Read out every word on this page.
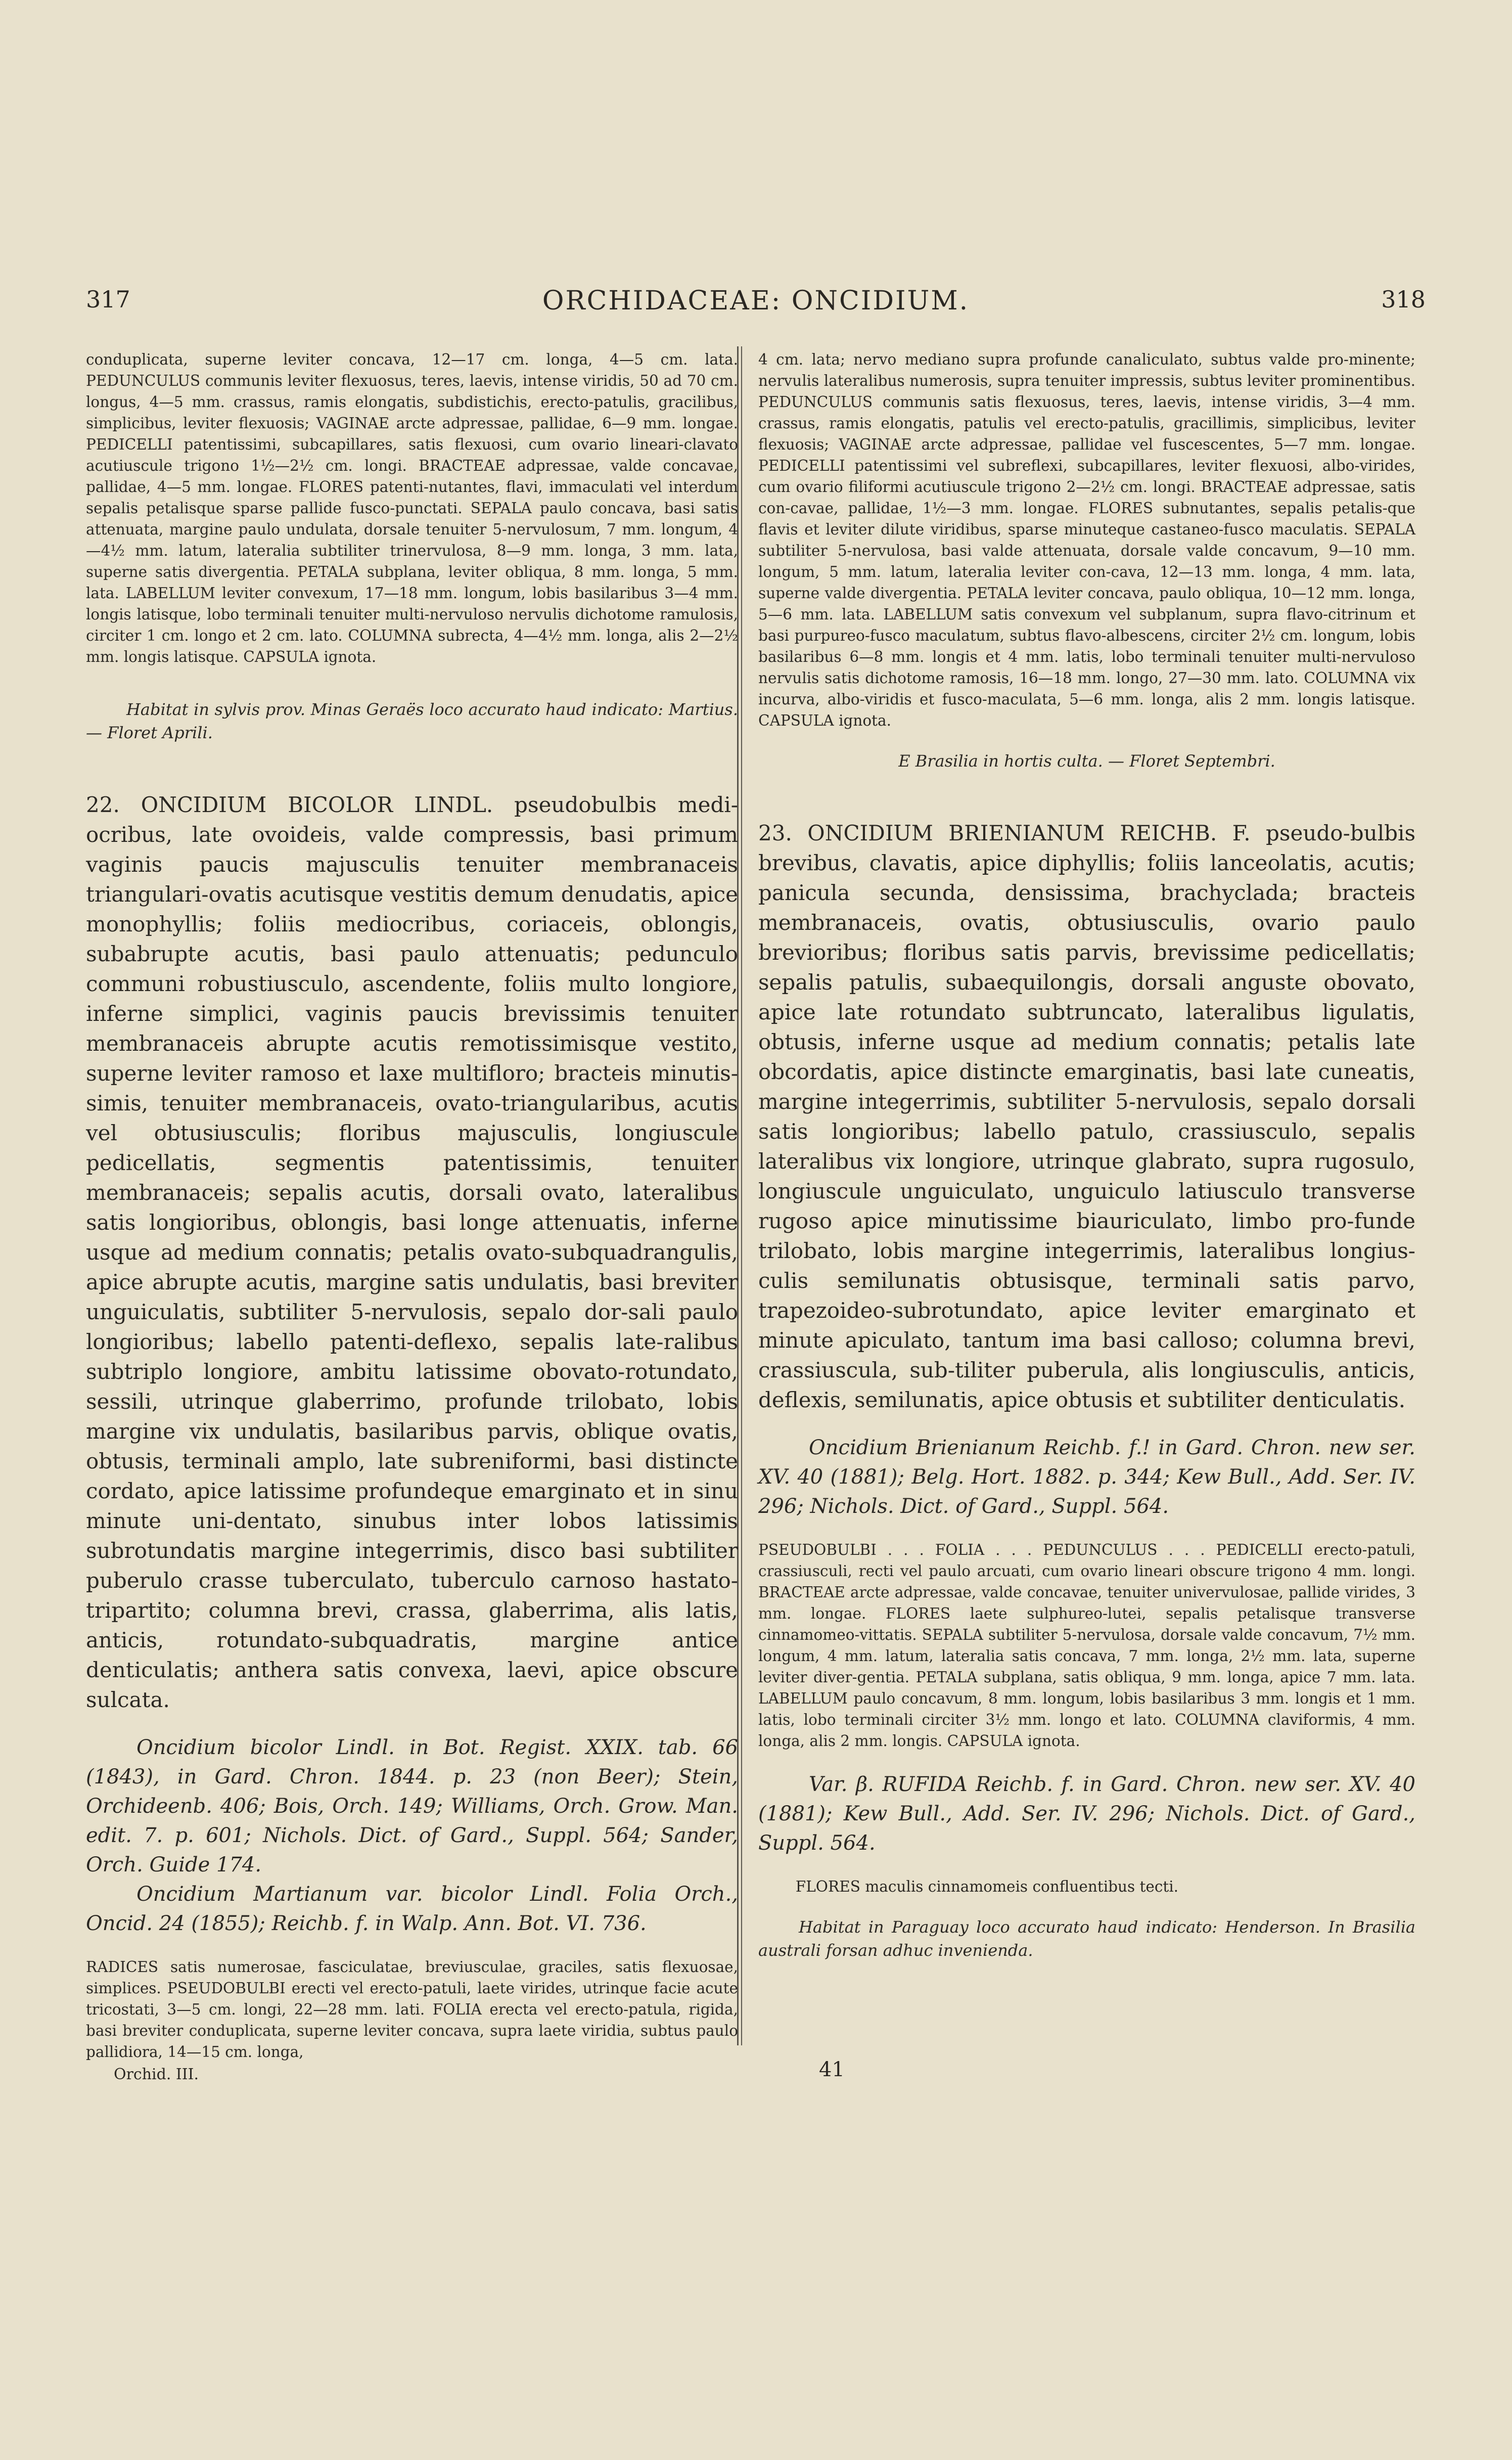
317	ORCHIDACEAE: ONCIDIUM.	318

conduplicata, superne leviter concava, 12—17 cm. longa, 4—5 cm. lata. PEDUNCULUS communis leviter flexuosus, teres, laevis, intense viridis, 50 ad 70 cm. longus, 4—5 mm. crassus, ramis elongatis, subdistichis, erecto-patulis, gracilibus, simplicibus, leviter flexuosis; VAGINAE arcte adpressae, pallidae, 6—9 mm. longae. PEDICELLI patentissimi, subcapillares, satis flexuosi, cum ovario lineari-clavato acutiuscule trigono 1½—2½ cm. longi. BRACTEAE adpressae, valde concavae, pallidae, 4—5 mm. longae. FLORES patenti-nutantes, flavi, immaculati vel interdum sepalis petalisque sparse pallide fusco-punctati. SEPALA paulo concava, basi satis attenuata, margine paulo undulata, dorsale tenuiter 5-nervulosum, 7 mm. longum, 4—4½ mm. latum, lateralia subtiliter trinervulosa, 8—9 mm. longa, 3 mm. lata, superne satis divergentia. PETALA subplana, leviter obliqua, 8 mm. longa, 5 mm. lata. LABELLUM leviter convexum, 17—18 mm. longum, lobis basilaribus 3—4 mm. longis latisque, lobo terminali tenuiter multi-nervuloso nervulis dichotome ramulosis, circiter 1 cm. longo et 2 cm. lato. COLUMNA subrecta, 4—4½ mm. longa, alis 2—2½ mm. longis latisque. CAPSULA ignota.

Habitat in sylvis prov. Minas Geraës loco accurato haud indicato: Martius. — Floret Aprili.

22. ONCIDIUM BICOLOR LINDL. pseudobulbis medi-ocribus, late ovoideis, valde compressis, basi primum vaginis paucis majusculis tenuiter membranaceis triangulari-ovatis acutisque vestitis demum denudatis, apice monophyllis; foliis mediocribus, coriaceis, oblongis, subabrupte acutis, basi paulo attenuatis; pedunculo communi robustiusculo, ascendente, foliis multo longiore, inferne simplici, vaginis paucis brevissimis tenuiter membranaceis abrupte acutis remotissimisque vestito, superne leviter ramoso et laxe multifloro; bracteis minutis-simis, tenuiter membranaceis, ovato-triangularibus, acutis vel obtusiusculis; floribus majusculis, longiuscule pedicellatis, segmentis patentissimis, tenuiter membranaceis; sepalis acutis, dorsali ovato, lateralibus satis longioribus, oblongis, basi longe attenuatis, inferne usque ad medium connatis; petalis ovato-subquadrangulis, apice abrupte acutis, margine satis undulatis, basi breviter unguiculatis, subtiliter 5-nervulosis, sepalo dor-sali paulo longioribus; labello patenti-deflexo, sepalis late-ralibus subtriplo longiore, ambitu latissime obovato-rotundato, sessili, utrinque glaberrimo, profunde trilobato, lobis margine vix undulatis, basilaribus parvis, oblique ovatis, obtusis, terminali amplo, late subreniformi, basi distincte cordato, apice latissime profundeque emarginato et in sinu minute uni-dentato, sinubus inter lobos latissimis subrotundatis margine integerrimis, disco basi subtiliter puberulo crasse tuberculato, tuberculo carnoso hastato-tripartito; columna brevi, crassa, glaberrima, alis latis, anticis, rotundato-subquadratis, margine antice denticulatis; anthera satis convexa, laevi, apice obscure sulcata.

Oncidium bicolor Lindl. in Bot. Regist. XXIX. tab. 66 (1843), in Gard. Chron. 1844. p. 23 (non Beer); Stein, Orchideenb. 406; Bois, Orch. 149; Williams, Orch. Grow. Man. edit. 7. p. 601; Nichols. Dict. of Gard., Suppl. 564; Sander, Orch. Guide 174.

Oncidium Martianum var. bicolor Lindl. Folia Orch., Oncid. 24 (1855); Reichb. f. in Walp. Ann. Bot. VI. 736.

RADICES satis numerosae, fasciculatae, breviusculae, graciles, satis flexuosae, simplices. PSEUDOBULBI erecti vel erecto-patuli, laete virides, utrinque facie acute tricostati, 3—5 cm. longi, 22—28 mm. lati. FOLIA erecta vel erecto-patula, rigida, basi breviter conduplicata, superne leviter concava, supra laete viridia, subtus paulo pallidiora, 14—15 cm. longa,

4 cm. lata; nervo mediano supra profunde canaliculato, subtus valde pro-minente; nervulis lateralibus numerosis, supra tenuiter impressis, subtus leviter prominentibus. PEDUNCULUS communis satis flexuosus, teres, laevis, intense viridis, 3—4 mm. crassus, ramis elongatis, patulis vel erecto-patulis, gracillimis, simplicibus, leviter flexuosis; VAGINAE arcte adpressae, pallidae vel fuscescentes, 5—7 mm. longae. PEDICELLI patentissimi vel subreflexi, subcapillares, leviter flexuosi, albo-virides, cum ovario filiformi acutiuscule trigono 2—2½ cm. longi. BRACTEAE adpressae, satis con-cavae, pallidae, 1½—3 mm. longae. FLORES subnutantes, sepalis petalis-que flavis et leviter dilute viridibus, sparse minuteque castaneo-fusco maculatis. SEPALA subtiliter 5-nervulosa, basi valde attenuata, dorsale valde concavum, 9—10 mm. longum, 5 mm. latum, lateralia leviter con-cava, 12—13 mm. longa, 4 mm. lata, superne valde divergentia. PETALA leviter concava, paulo obliqua, 10—12 mm. longa, 5—6 mm. lata. LABELLUM satis convexum vel subplanum, supra flavo-citrinum et basi purpureo-fusco maculatum, subtus flavo-albescens, circiter 2½ cm. longum, lobis basilaribus 6—8 mm. longis et 4 mm. latis, lobo terminali tenuiter multi-nervuloso nervulis satis dichotome ramosis, 16—18 mm. longo, 27—30 mm. lato. COLUMNA vix incurva, albo-viridis et fusco-maculata, 5—6 mm. longa, alis 2 mm. longis latisque. CAPSULA ignota.

E Brasilia in hortis culta. — Floret Septembri.

23. ONCIDIUM BRIENIANUM REICHB. F. pseudo-bulbis brevibus, clavatis, apice diphyllis; foliis lanceolatis, acutis; panicula secunda, densissima, brachyclada; bracteis membranaceis, ovatis, obtusiusculis, ovario paulo brevioribus; floribus satis parvis, brevissime pedicellatis; sepalis patulis, subaequilongis, dorsali anguste obovato, apice late rotundato subtruncato, lateralibus ligulatis, obtusis, inferne usque ad medium connatis; petalis late obcordatis, apice distincte emarginatis, basi late cuneatis, margine integerrimis, subtiliter 5-nervulosis, sepalo dorsali satis longioribus; labello patulo, crassiusculo, sepalis lateralibus vix longiore, utrinque glabrato, supra rugosulo, longiuscule unguiculato, unguiculo latiusculo transverse rugoso apice minutissime biauriculato, limbo pro-funde trilobato, lobis margine integerrimis, lateralibus longius-culis semilunatis obtusisque, terminali satis parvo, trapezoideo-subrotundato, apice leviter emarginato et minute apiculato, tantum ima basi calloso; columna brevi, crassiuscula, sub-tiliter puberula, alis longiusculis, anticis, deflexis, semilunatis, apice obtusis et subtiliter denticulatis.

Oncidium Brienianum Reichb. f.! in Gard. Chron. new ser. XV. 40 (1881); Belg. Hort. 1882. p. 344; Kew Bull., Add. Ser. IV. 296; Nichols. Dict. of Gard., Suppl. 564.

PSEUDOBULBI . . . FOLIA . . . PEDUNCULUS . . . PEDICELLI erecto-patuli, crassiusculi, recti vel paulo arcuati, cum ovario lineari obscure trigono 4 mm. longi. BRACTEAE arcte adpressae, valde concavae, tenuiter univervulosae, pallide virides, 3 mm. longae. FLORES laete sulphureo-lutei, sepalis petalisque transverse cinnamomeo-vittatis. SEPALA subtiliter 5-nervulosa, dorsale valde concavum, 7½ mm. longum, 4 mm. latum, lateralia satis concava, 7 mm. longa, 2½ mm. lata, superne leviter diver-gentia. PETALA subplana, satis obliqua, 9 mm. longa, apice 7 mm. lata. LABELLUM paulo concavum, 8 mm. longum, lobis basilaribus 3 mm. longis et 1 mm. latis, lobo terminali circiter 3½ mm. longo et lato. COLUMNA claviformis, 4 mm. longa, alis 2 mm. longis. CAPSULA ignota.

Var. β. RUFIDA Reichb. f. in Gard. Chron. new ser. XV. 40 (1881); Kew Bull., Add. Ser. IV. 296; Nichols. Dict. of Gard., Suppl. 564.

FLORES maculis cinnamomeis confluentibus tecti.

Habitat in Paraguay loco accurato haud indicato: Henderson. In Brasilia australi forsan adhuc invenienda.

Orchid. III.	41
